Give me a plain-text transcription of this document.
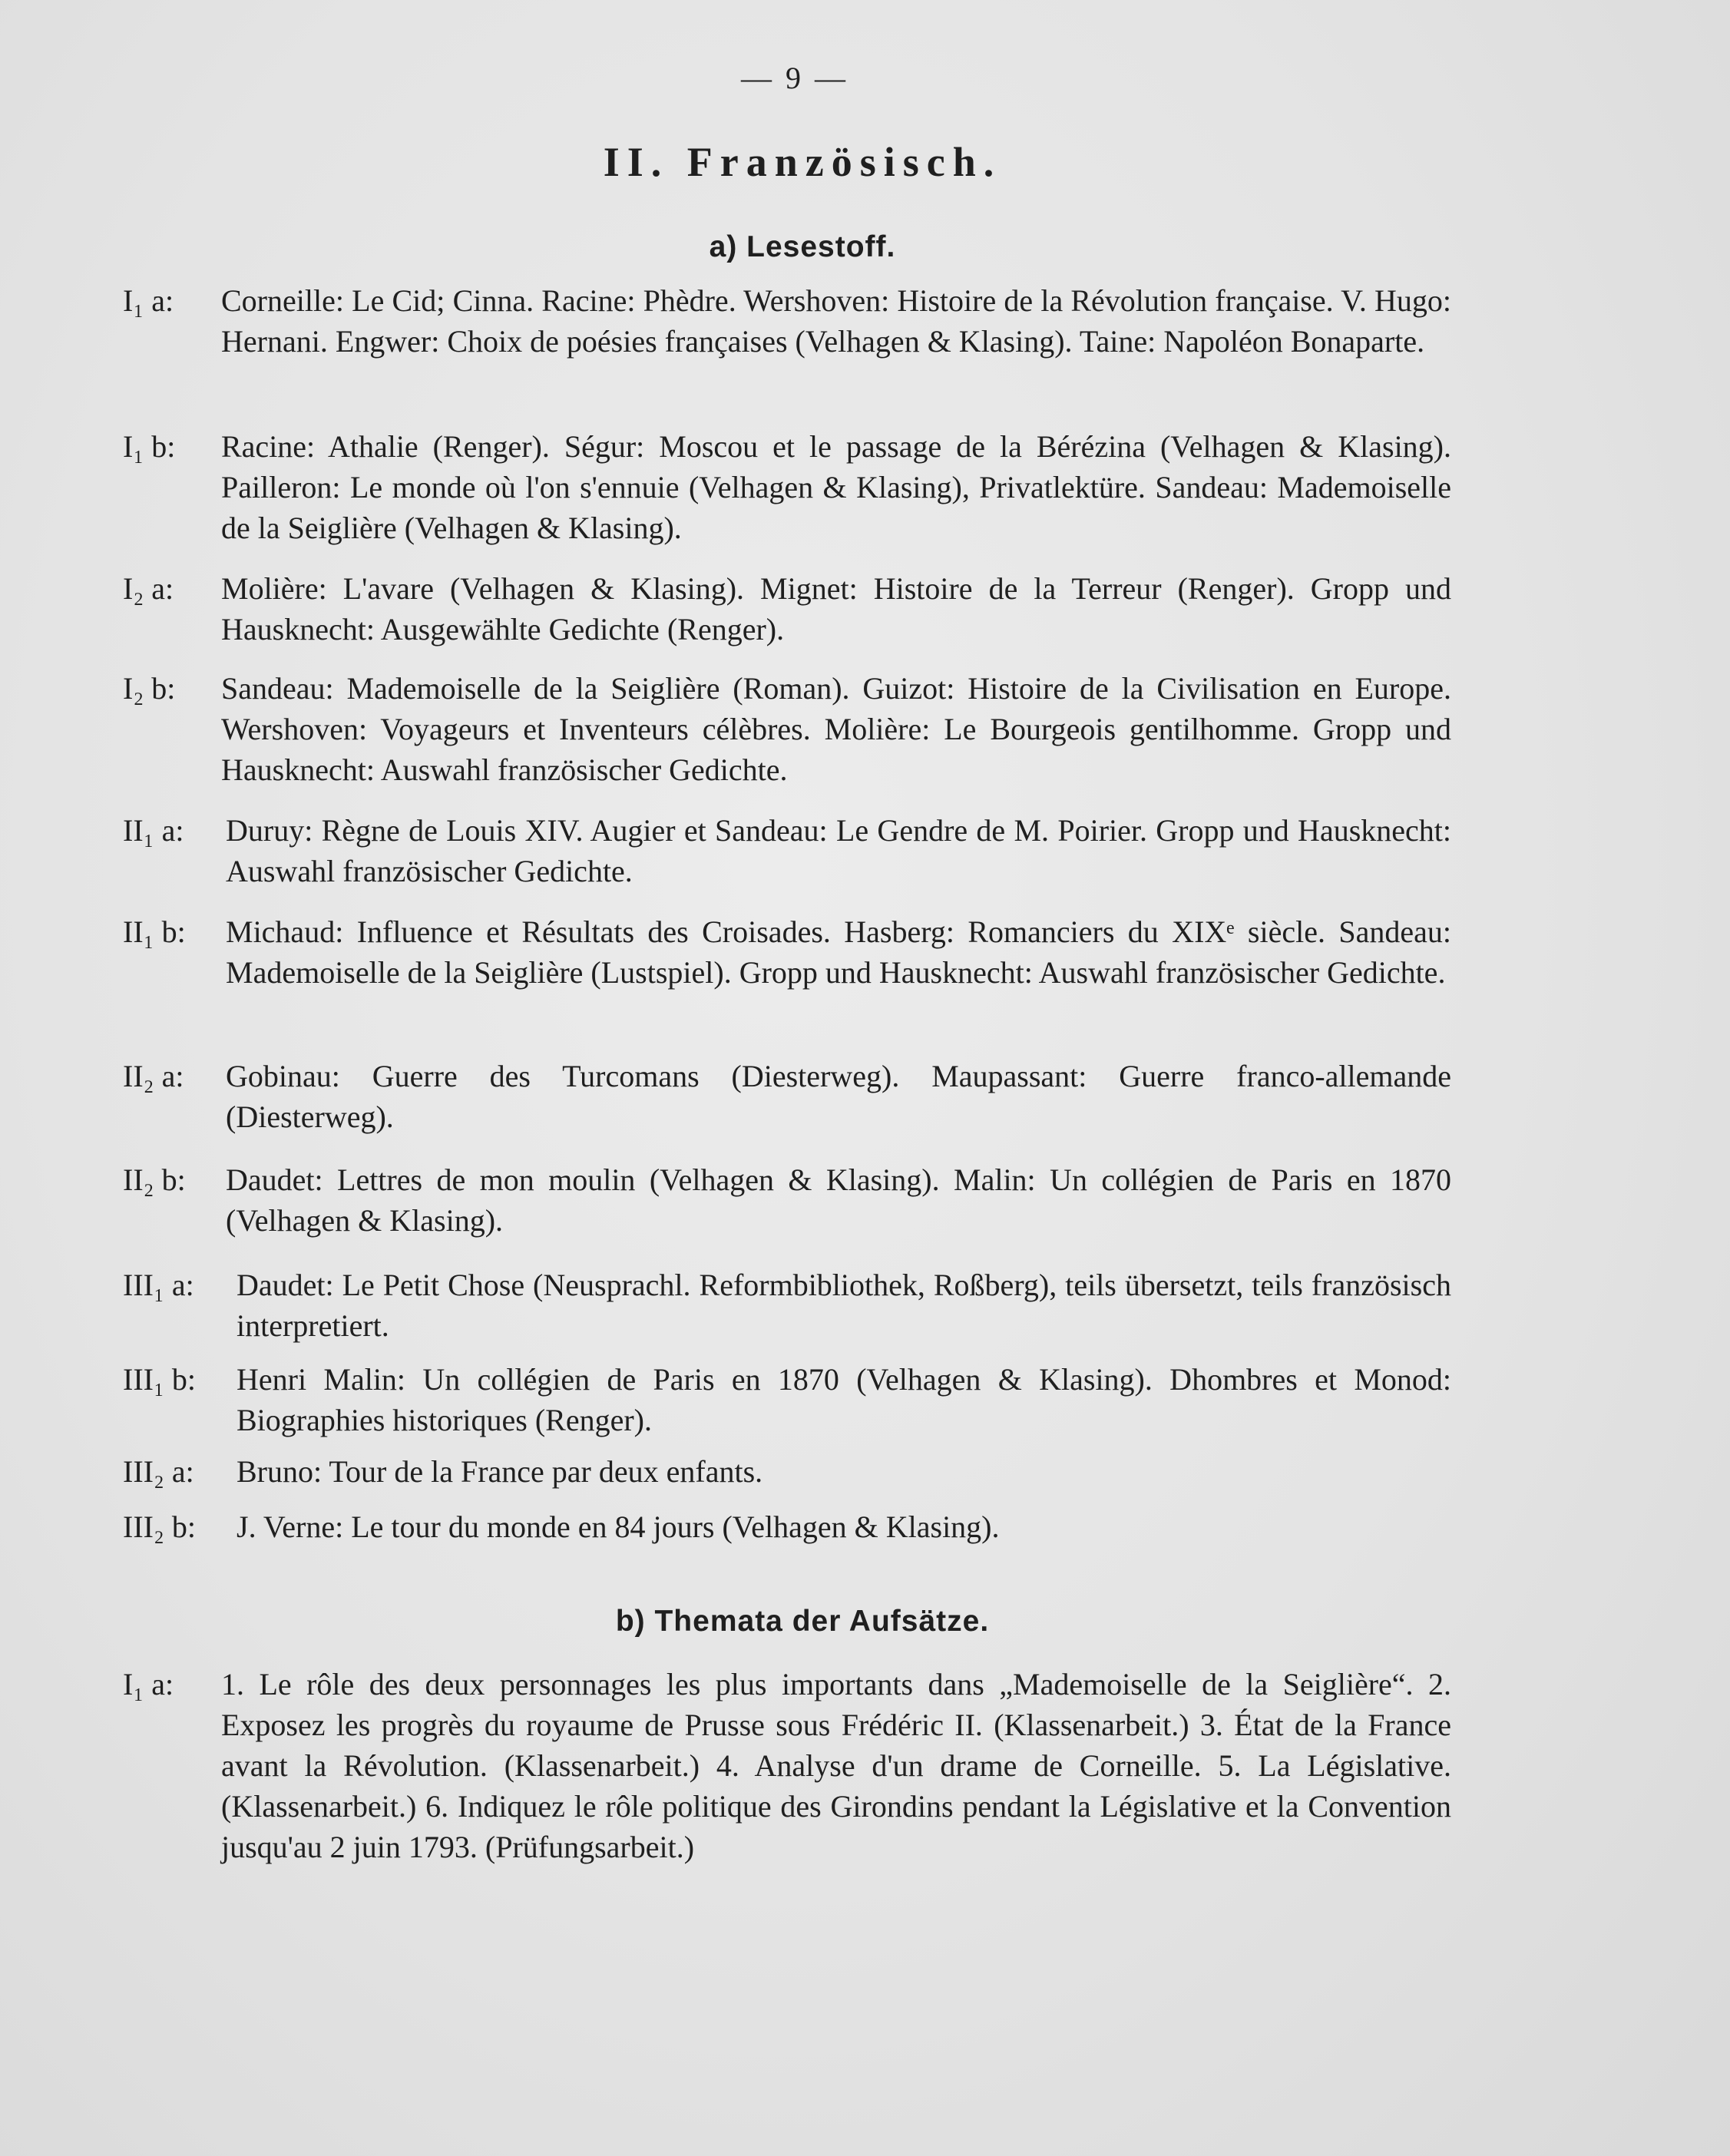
— 9 —
II. Französisch.
a) Lesestoff.
I₁ a:	Corneille: Le Cid; Cinna. Racine: Phèdre. Wershoven: Histoire de la Révolution française. V. Hugo: Hernani. Engwer: Choix de poésies françaises (Velhagen & Klasing). Taine: Napoléon Bonaparte.
I₁ b:	Racine: Athalie (Renger). Ségur: Moscou et le passage de la Bérézina (Velhagen & Klasing). Pailleron: Le monde où l'on s'ennuie (Velhagen & Klasing), Privatlektüre. Sandeau: Mademoiselle de la Seiglière (Velhagen & Klasing).
I₂ a:	Molière: L'avare (Velhagen & Klasing). Mignet: Histoire de la Terreur (Renger). Gropp und Hausknecht: Ausgewählte Gedichte (Renger).
I₂ b:	Sandeau: Mademoiselle de la Seiglière (Roman). Guizot: Histoire de la Civilisation en Europe. Wershoven: Voyageurs et Inventeurs célèbres. Molière: Le Bourgeois gentilhomme. Gropp und Hausknecht: Auswahl französischer Gedichte.
II₁ a:	Duruy: Règne de Louis XIV. Augier et Sandeau: Le Gendre de M. Poirier. Gropp und Hausknecht: Auswahl französischer Gedichte.
II₁ b:	Michaud: Influence et Résultats des Croisades. Hasberg: Romanciers du XIXᵉ siècle. Sandeau: Mademoiselle de la Seiglière (Lustspiel). Gropp und Hausknecht: Auswahl französischer Gedichte.
II₂ a:	Gobinau: Guerre des Turcomans (Diesterweg). Maupassant: Guerre franco-allemande (Diesterweg).
II₂ b:	Daudet: Lettres de mon moulin (Velhagen & Klasing). Malin: Un collégien de Paris en 1870 (Velhagen & Klasing).
III₁ a:	Daudet: Le Petit Chose (Neusprachl. Reformbibliothek, Roßberg), teils übersetzt, teils französisch interpretiert.
III₁ b:	Henri Malin: Un collégien de Paris en 1870 (Velhagen & Klasing). Dhombres et Monod: Biographies historiques (Renger).
III₂ a:	Bruno: Tour de la France par deux enfants.
III₂ b:	J. Verne: Le tour du monde en 84 jours (Velhagen & Klasing).
b) Themata der Aufsätze.
I₁ a:	1. Le rôle des deux personnages les plus importants dans „Mademoiselle de la Seiglière“. 2. Exposez les progrès du royaume de Prusse sous Frédéric II. (Klassenarbeit.) 3. État de la France avant la Révolution. (Klassenarbeit.) 4. Analyse d'un drame de Corneille. 5. La Législative. (Klassenarbeit.) 6. Indiquez le rôle politique des Girondins pendant la Législative et la Convention jusqu'au 2 juin 1793. (Prüfungsarbeit.)
